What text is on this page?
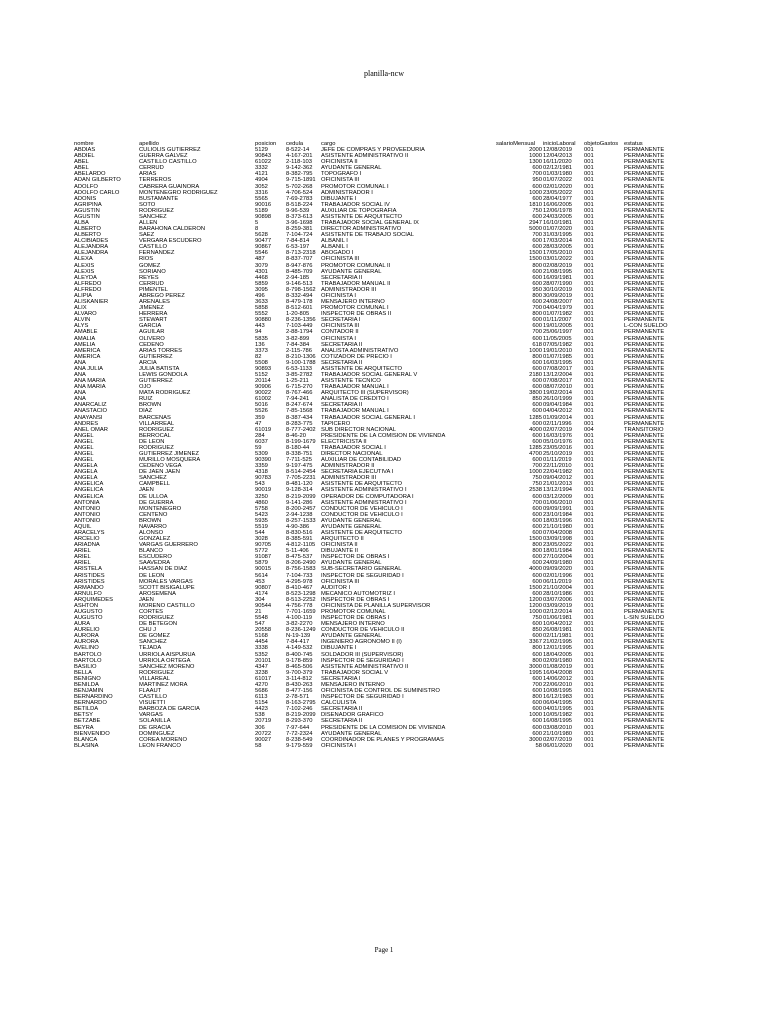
planilla-ncw
nombre	apellido	posicion	cedula	cargo	salarioMensual	inicioLaboral	objetoGastos	estatus
ABDIAS	CULIOLIS GUTIERREZ	5129	8-522-14	JEFE DE COMPRAS Y PROVEEDURIA	2000 12/08/2019	001	PERMANENTE
ABDIEL	GUERRA GALVEZ	90843	4-167-201	ASISTENTE ADMINISTRATIVO II	1000 12/04/2013	001	PERMANENTE
ABEL	CASTILLO CASTILLO	61022	2-118-103	OFICINISTA II	1300 16/11/2020	001	PERMANENTE
ABEL	CERRUD	3332	9-142-362	AYUDANTE GENERAL	600 02/12/1981	001	PERMANENTE
ABELARDO	ARIAS	4121	8-382-795	TOPOGRAFO I	700 01/03/1980	001	PERMANENTE
ADAN GILBERTO	TERREROS	4904	9-715-1891 OFICINISTA III	950 01/07/2022	001	PERMANENTE
ADOLFO	CABRERA GUAINORA	3052	5-702-268	PROMOTOR COMUNAL I	600 02/01/2020	001	PERMANENTE
ADOLFO CARLO	MONTENEGRO RODRIGUEZ	3316	4-706-524	ADMINISTRADOR I	1000 23/05/2022	001	PERMANENTE
ADONIS	BUSTAMANTE	5565	7-69-2783	DIBUJANTE I	600 28/04/1977	001	PERMANENTE
AGRIPINA	SOTO	90016	8-518-224	TRABAJADOR SOCIAL IV	1810 16/06/2005	001	PERMANENTE
AGUSTIN	RODRIGUEZ	5189	9-96-539	AUXILIAR DE TOPOGRAFIA	750 12/06/1978	001	PERMANENTE
AGUSTIN	SANCHEZ	90898	8-373-613	ASISTENTE DE ARQUITECTO	600 24/03/2005	001	PERMANENTE
ALBA	ALLEN	5	3-96-1698	TRABAJADOR SOCIAL GENERAL IX	2947 16/10/1981	001	PERMANENTE
ALBERTO	BARAHONA CALDERON	8	8-259-381	DIRECTOR ADMINISTRATIVO	5000 01/07/2020	001	PERMANENTE
ALBERTO	SAEZ	5628	7-104-724	ASISTENTE DE TRABAJO SOCIAL	700 31/03/1995	001	PERMANENTE
ALCIBIADES	VERGARA ESCUDERO	90477	7-84-814	ALBAÑIL I	600 17/03/2014	001	PERMANENTE
ALEJANDRA	CASTILLO	90867	6-53-197	ALBAÑIL I	600 28/03/2005	001	PERMANENTE
ALEJANDRA	FERNANDEZ	5546	8-713-2318 ABOGADO I	1500 17/05/2010	001	PERMANENTE
ALEXA	RIOS	487	8-837-707	OFICINISTA III	1500 03/01/2022	001	PERMANENTE
ALEXIS	GOMEZ	3079	8-947-876	PROMOTOR COMUNAL II	800 02/08/2019	001	PERMANENTE
ALEXIS	SORIANO	4301	8-485-709	AYUDANTE GENERAL	600 21/08/1995	001	PERMANENTE
ALEYDA	REYES	4468	2-94-185	SECRETARIA II	600 16/09/1981	001	PERMANENTE
ALFREDO	CERRUD	5859	9-146-513	TRABAJADOR MANUAL II	600 28/07/1990	001	PERMANENTE
ALFREDO	PIMENTEL	3095	8-798-1562 ADMINISTRADOR III	950 30/10/2019	001	PERMANENTE
ALIPIA	ABREGO PEREZ	496	8-332-494	OFICINISTA I	800 30/09/2019	001	PERMANENTE
ALISKANIER	ARENALES	3633	8-479-178	MENSAJERO INTERNO	600 24/08/2007	001	PERMANENTE
ALIX	JIMENEZ	5858	8-512-601	PROMOTOR COMUNAL I	700 04/04/1979	001	PERMANENTE
ALVARO	HERRERA	5552	1-20-805	INSPECTOR DE OBRAS II	800 01/07/1982	001	PERMANENTE
ALVIN	STEWART	90880	8-236-1356 SECRETARIA I	600 01/11/2007	001	PERMANENTE
ALYS	GARCIA	443	7-103-449	OFICINISTA III	600 19/01/2005	001	L-CON SUELDO
AMABLE	AGUILAR	94	2-88-1794	CONTADOR II	700 25/06/1997	001	PERMANENTE
AMALIA	OLIVERO	5835	3-82-899	OFICINISTA I	600 11/05/2005	001	PERMANENTE
AMELIA	CEDEÑO	136	7-84-384	SECRETARIA II	618 07/05/1982	001	PERMANENTE
AMERICA	ARIAS TORRES	3373	2-115-786	ANALISTA ADMINISTRATIVO	1000 19/01/2010	001	PERMANENTE
AMERICA	GUTIERREZ	82	8-210-1306 COTIZADOR DE PRECIO I	800 01/07/1985	001	PERMANENTE
ANA	ARCIA	5508	9-100-1788 SECRETARIA II	600 16/03/1995	001	PERMANENTE
ANA JULIA	JULIA BATISTA	90893	6-53-1133	ASISTENTE DE ARQUITECTO	600 07/08/2017	001	PERMANENTE
ANA	LEWIS GONDOLA	5152	3-85-2782	TRABAJADOR SOCIAL GENERAL V	2180 13/12/2004	001	PERMANENTE
ANA MARIA	GUTIERREZ	20114	1-25-211	ASISTENTE TECNICO	600 07/08/2017	001	PERMANENTE
ANA MARIA	OJO	90906	6-715-270	TRABAJADOR MANUAL I	600 08/07/2010	001	PERMANENTE
ANA	MATA RODRIGUEZ	90022	8-767-466	ARQUITECTO III (SUPERVISOR)	3800 19/02/2014	001	PERMANENTE
ANA	RUIZ	61002	7-94-241	ANALISTA DE CREDITO I	850 26/10/1999	001	PERMANENTE
ANARCALIZ	BROWN	5016	8-247-674	SECRETARIA II	600 09/04/1984	001	PERMANENTE
ANASTACIO	DIAZ	5526	7-85-1568	TRABAJADOR MANUAL I	600 04/04/2012	001	PERMANENTE
ANAYANSI	BARCENAS	359	8-387-434	TRABAJADOR SOCIAL GENERAL I	1285 01/09/2014	001	PERMANENTE
ANDRES	VILLARREAL	47	8-283-775	TAPICERO	600 02/11/1996	001	PERMANENTE
ANEL OMAR	RODRIGUEZ	61019	8-777-2402 SUB DIRECTOR NACIONAL	4000 02/07/2019	004	TRANSITORIO
ANGEL	BERROCAL	284	8-46-20	PRESIDENTE DE LA COMISION DE VIVIENDA	600 16/03/1976	001	PERMANENTE
ANGEL	DE LEON	6037	8-199-1679 ELECTRICISTA II	600 05/10/1976	001	PERMANENTE
ANGEL	RODRIGUEZ	59	8-180-44	TRABAJADOR SOCIAL I	1285 23/05/2016	001	PERMANENTE
ANGEL	GUTIERREZ JIMENEZ	5309	8-338-751	DIRECTOR NACIONAL	4700 25/10/2019	001	PERMANENTE
ANGEL	MURILLO MOSQUERA	90390	7-711-525	AUXILIAR DE CONTABILIDAD	600 01/11/2019	001	PERMANENTE
ANGELA	CEDEÑO VEGA	3359	9-197-475	ADMINISTRADOR II	700 22/11/2010	001	PERMANENTE
ANGELA	DE JAEN JAEN	4318	8-514-2454 SECRETARIA EJECUTIVA I	1000 22/04/1982	001	PERMANENTE
ANGELA	SANCHEZ	90783	7-705-2231 ADMINISTRADOR III	750 09/04/2012	001	PERMANENTE
ANGELICA	CAMPBELL	543	8-481-120	ASISTENTE DE ARQUITECTO	750 21/01/2013	001	PERMANENTE
ANGELICA	JAEN	90019	9-128-314	ASISTENTE ADMINISTRATIVO I	2538 13/12/1994	001	PERMANENTE
ANGELICA	DE ULLOA	3250	8-219-2099 OPERADOR DE COMPUTADORA I	600 03/12/2009	001	PERMANENTE
ANTONIA	DE GUERRA	4860	9-141-286	ASISTENTE ADMINISTRATIVO I	700 01/06/2010	001	PERMANENTE
ANTONIO	MONTENEGRO	5758	8-200-2457 CONDUCTOR DE VEHICULO I	600 09/09/1991	001	PERMANENTE
ANTONIO	CENTENO	5423	2-94-1238	CONDUCTOR DE VEHICULO I	600 23/10/1984	001	PERMANENTE
ANTONIO	BROWN	5935	8-257-1533 AYUDANTE GENERAL	600 18/03/1996	001	PERMANENTE
AQUIL	NAVARRO	5519	4-90-386	AYUDANTE GENERAL	600 21/10/1980	001	PERMANENTE
ARACELYS	ALONSO	544	8-830-516	ASISTENTE DE ARQUITECTO	600 07/04/2008	001	PERMANENTE
ARCELIO	GONZALEZ	3028	8-385-591	ARQUITECTO II	1500 03/09/1998	001	PERMANENTE
ARIADNA	VARGAS GUERRERO	90705	4-812-1105 OFICINISTA II	800 23/05/2022	001	PERMANENTE
ARIEL	BLANCO	5772	5-11-406	DIBUJANTE II	800 18/01/1984	001	PERMANENTE
ARIEL	ESCUDERO	91087	8-475-537	INSPECTOR DE OBRAS I	600 27/10/2004	001	PERMANENTE
ARIEL	SAAVEDRA	5879	8-206-2490 AYUDANTE GENERAL	600 24/09/1980	001	PERMANENTE
ARISTELA	HASSAN DE DIAZ	90015	8-756-1583 SUB-SECRETARIO GENERAL	4000 09/09/2020	001	PERMANENTE
ARISTIDES	DE LEON	5614	7-104-733	INSPECTOR DE SEGURIDAD I	600 02/01/1996	001	PERMANENTE
ARISTIDES	MORALES VARGAS	453	4-295-978	OFICINISTA III	600 06/11/2019	001	PERMANENTE
ARMANDO	SCOTT BISIGALUPE	90807	8-410-467	AUDITOR I	1500 21/10/2004	001	PERMANENTE
ARNULFO	AROSEMENA	4174	8-523-1298 MECANICO AUTOMOTRIZ I	600 28/10/1986	001	PERMANENTE
ARQUIMEDES	JAEN	304	8-513-2252 INSPECTOR DE OBRAS I	1200 03/07/2006	001	PERMANENTE
ASHTON	MORENO CASTILLO	90544	4-756-778	OFICINISTA DE PLANILLA SUPERVISOR	1200 03/09/2019	001	PERMANENTE
AUGUSTO	CORTES	21	7-701-1659 PROMOTOR COMUNAL	1000 02/12/2014	001	PERMANENTE
AUGUSTO	RODRIGUEZ	5548	4-100-119	INSPECTOR DE OBRAS I	750 01/06/1981	001	L-SIN SUELDO
AURA	DE BETEGON	547	3-82-2270	MENSAJERO INTERNO	600 10/04/2012	001	PERMANENTE
AURELIO	CHU J	20558	8-236-1249 CONDUCTOR DE VEHICULO II	850 26/08/1981	001	PERMANENTE
AURORA	DE GOMEZ	5168	N-19-139	AYUDANTE GENERAL	600 02/11/1981	001	PERMANENTE
AURORA	SANCHEZ	4454	7-84-417	INGENIERO AGRONOMO II (I)	3367 21/02/1995	001	PERMANENTE
AVELINO	TEJADA	3338	4-149-532	DIBUJANTE I	800 12/01/1995	001	PERMANENTE
BARTOLO	URRIOLA AISPURUA	5352	8-400-745	SOLDADOR III (SUPERVISOR)	600 18/04/2005	001	PERMANENTE
BARTOLO	URRIOLA ORTEGA	20101	9-178-859	INSPECTOR DE SEGURIDAD I	800 02/09/1980	001	PERMANENTE
BASILIO	SANCHEZ MORENO	4347	8-465-506	ASISTENTE ADMINISTRATIVO II	3000 01/08/2019	001	PERMANENTE
BELLA	RODRIGUEZ	3238	9-700-379	TRABAJADOR SOCIAL V	1995 16/04/2008	001	PERMANENTE
BENIGNO	VILLAREAL	61017	3-114-812	SECRETARIA I	600 14/06/2012	001	PERMANENTE
BENILDA	MARTINEZ MORA	4270	8-430-263	MENSAJERO INTERNO	700 22/06/2010	001	PERMANENTE
BENJAMIN	FLAAUT	5686	8-477-156	OFICINISTA DE CONTROL DE SUMINISTRO	600 10/08/1995	001	PERMANENTE
BERNARDINO	CASTILLO	6113	2-78-571	INSPECTOR DE SEGURIDAD I	800 16/12/1983	001	PERMANENTE
BERNARDO	VISUETTI	5154	8-163-2795 CALCULISTA	600 06/04/1995	001	PERMANENTE
BETILDA	BARBOZA DE GARCIA	4423	7-102-246	SECRETARIA II	600 04/01/1995	001	PERMANENTE
BETSY	VARGAS	538	8-219-2099 DISEÑADOR GRAFICO	1000 10/05/1982	001	PERMANENTE
BETZABE	SOLANILLA	20719	8-293-370	SECRETARIA II	600 16/08/1995	001	PERMANENTE
BEYRA	DE GRACIA	306	7-97-644	PRESIDENTE DE LA COMISION DE VIVIENDA	600 03/08/2010	001	PERMANENTE
BIENVENIDO	DOMINGUEZ	20722	7-72-2324	AYUDANTE GENERAL	600 21/10/1980	001	PERMANENTE
BLANCA	COREA MORENO	90027	8-238-549	COORDINADOR DE PLANES Y PROGRAMAS	3000 02/07/2019	001	PERMANENTE
BLASINA	LEON FRANCO	58	9-179-559	OFICINISTA I	58 06/01/2020	001	PERMANENTE
Page 1
